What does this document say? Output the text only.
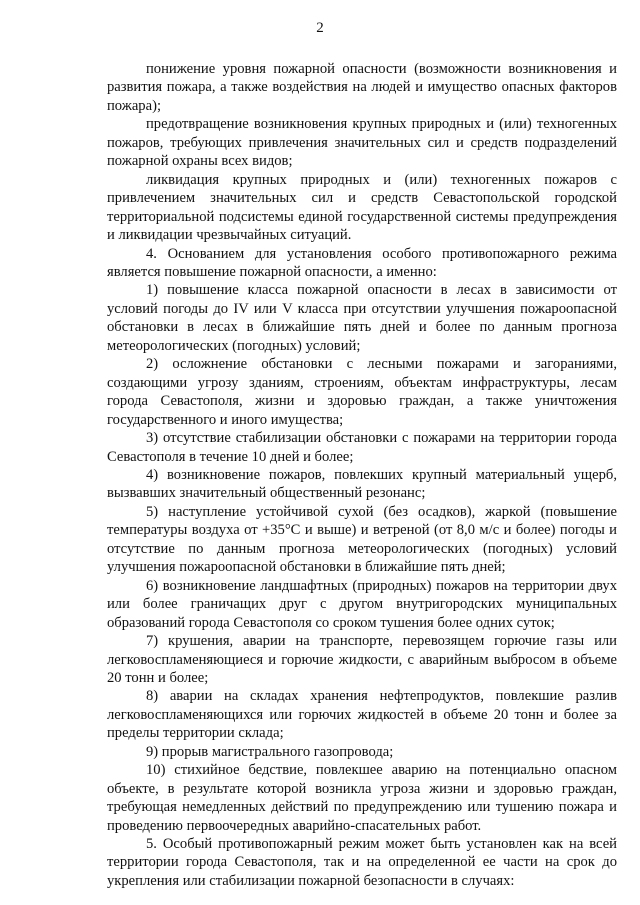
2

понижение уровня пожарной опасности (возможности возникновения и развития пожара, а также воздействия на людей и имущество опасных факторов пожара);

предотвращение возникновения крупных природных и (или) техногенных пожаров, требующих привлечения значительных сил и средств подразделений пожарной охраны всех видов;

ликвидация крупных природных и (или) техногенных пожаров с привлечением значительных сил и средств Севастопольской городской территориальной подсистемы единой государственной системы предупреждения и ликвидации чрезвычайных ситуаций.

4. Основанием для установления особого противопожарного режима является повышение пожарной опасности, а именно:

1) повышение класса пожарной опасности в лесах в зависимости от условий погоды до IV или V класса при отсутствии улучшения пожароопасной обстановки в лесах в ближайшие пять дней и более по данным прогноза метеорологических (погодных) условий;

2) осложнение обстановки с лесными пожарами и загораниями, создающими угрозу зданиям, строениям, объектам инфраструктуры, лесам города Севастополя, жизни и здоровью граждан, а также уничтожения государственного и иного имущества;

3) отсутствие стабилизации обстановки с пожарами на территории города Севастополя в течение 10 дней и более;

4) возникновение пожаров, повлекших крупный материальный ущерб, вызвавших значительный общественный резонанс;

5) наступление устойчивой сухой (без осадков), жаркой (повышение температуры воздуха от +35°C и выше) и ветреной (от 8,0 м/с и более) погоды и отсутствие по данным прогноза метеорологических (погодных) условий улучшения пожароопасной обстановки в ближайшие пять дней;

6) возникновение ландшафтных (природных) пожаров на территории двух или более граничащих друг с другом внутригородских муниципальных образований города Севастополя со сроком тушения более одних суток;

7) крушения, аварии на транспорте, перевозящем горючие газы или легковоспламеняющиеся и горючие жидкости, с аварийным выбросом в объеме 20 тонн и более;

8) аварии на складах хранения нефтепродуктов, повлекшие разлив легковоспламеняющихся или горючих жидкостей в объеме 20 тонн и более за пределы территории склада;

9) прорыв магистрального газопровода;

10) стихийное бедствие, повлекшее аварию на потенциально опасном объекте, в результате которой возникла угроза жизни и здоровью граждан, требующая немедленных действий по предупреждению или тушению пожара и проведению первоочередных аварийно-спасательных работ.

5. Особый противопожарный режим может быть установлен как на всей территории города Севастополя, так и на определенной ее части на срок до укрепления или стабилизации пожарной безопасности в случаях:
